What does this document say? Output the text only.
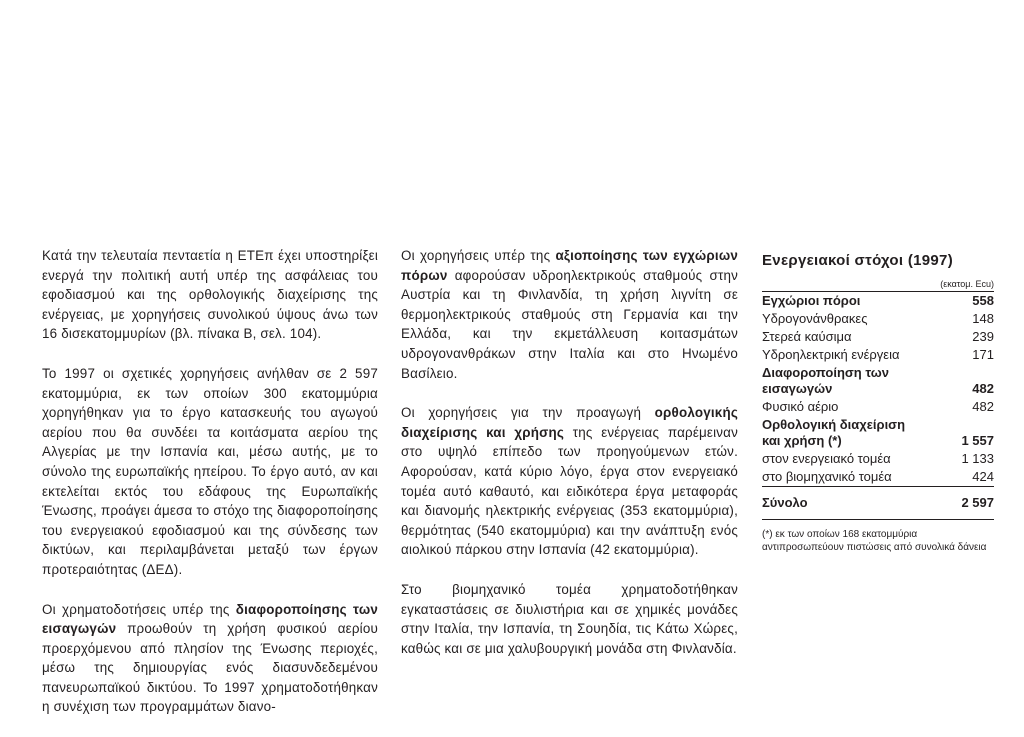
Κατά την τελευταία πενταετία η ΕΤΕπ έχει υποστηρίξει ενεργά την πολιτική αυτή υπέρ της ασφάλειας του εφοδιασμού και της ορθολογικής διαχείρισης της ενέργειας, με χορηγήσεις συνολικού ύψους άνω των 16 δισεκατομμυρίων (βλ. πίνακα Β, σελ. 104).

Το 1997 οι σχετικές χορηγήσεις ανήλθαν σε 2 597 εκατομμύρια, εκ των οποίων 300 εκατομμύρια χορηγήθηκαν για το έργο κατασκευής του αγωγού αερίου που θα συνδέει τα κοιτάσματα αερίου της Αλγερίας με την Ισπανία και, μέσω αυτής, με το σύνολο της ευρωπαϊκής ηπείρου. Το έργο αυτό, αν και εκτελείται εκτός του εδάφους της Ευρωπαϊκής Ένωσης, προάγει άμεσα το στόχο της διαφοροποίησης του ενεργειακού εφοδιασμού και της σύνδεσης των δικτύων, και περιλαμβάνεται μεταξύ των έργων προτεραιότητας (ΔΕΔ).

Οι χρηματοδοτήσεις υπέρ της διαφοροποίησης των εισαγωγών προωθούν τη χρήση φυσικού αερίου προερχόμενου από πλησίον της Ένωσης περιοχές, μέσω της δημιουργίας ενός διασυνδεδεμένου πανευρωπαϊκού δικτύου. Το 1997 χρηματοδοτήθηκαν η συνέχιση των προγραμμάτων διανο-

Οι χορηγήσεις υπέρ της αξιοποίησης των εγχώριων πόρων αφορούσαν υδροηλεκτρικούς σταθμούς στην Αυστρία και τη Φινλανδία, τη χρήση λιγνίτη σε θερμοηλεκτρικούς σταθμούς στη Γερμανία και την Ελλάδα, και την εκμετάλλευση κοιτασμάτων υδρογονανθράκων στην Ιταλία και στο Ηνωμένο Βασίλειο.

Οι χορηγήσεις για την προαγωγή ορθολογικής διαχείρισης και χρήσης της ενέργειας παρέμειναν στο υψηλό επίπεδο των προηγούμενων ετών. Αφορούσαν, κατά κύριο λόγο, έργα στον ενεργειακό τομέα αυτό καθαυτό, και ειδικότερα έργα μεταφοράς και διανομής ηλεκτρικής ενέργειας (353 εκατομμύρια), θερμότητας (540 εκατομμύρια) και την ανάπτυξη ενός αιολικού πάρκου στην Ισπανία (42 εκατομμύρια).

Στο βιομηχανικό τομέα χρηματοδοτήθηκαν εγκαταστάσεις σε διυλιστήρια και σε χημικές μονάδες στην Ιταλία, την Ισπανία, τη Σουηδία, τις Κάτω Χώρες, καθώς και σε μια χαλυβουργική μονάδα στη Φινλανδία.

Ενεργειακοί στόχοι (1997)
(εκατομ. Ecu)
Εγχώριοι πόροι	558
Υδρογονάνθρακες	148
Στερεά καύσιμα	239
Υδροηλεκτρική ενέργεια	171
Διαφοροποίηση των εισαγωγών	482
Φυσικό αέριο	482
Ορθολογική διαχείριση και χρήση (*)	1 557
στον ενεργειακό τομέα	1 133
στο βιομηχανικό τομέα	424
Σύνολο	2 597
(*) εκ των οποίων 168 εκατομμύρια αντιπροσωπεύουν πιστώσεις από συνολικά δάνεια
